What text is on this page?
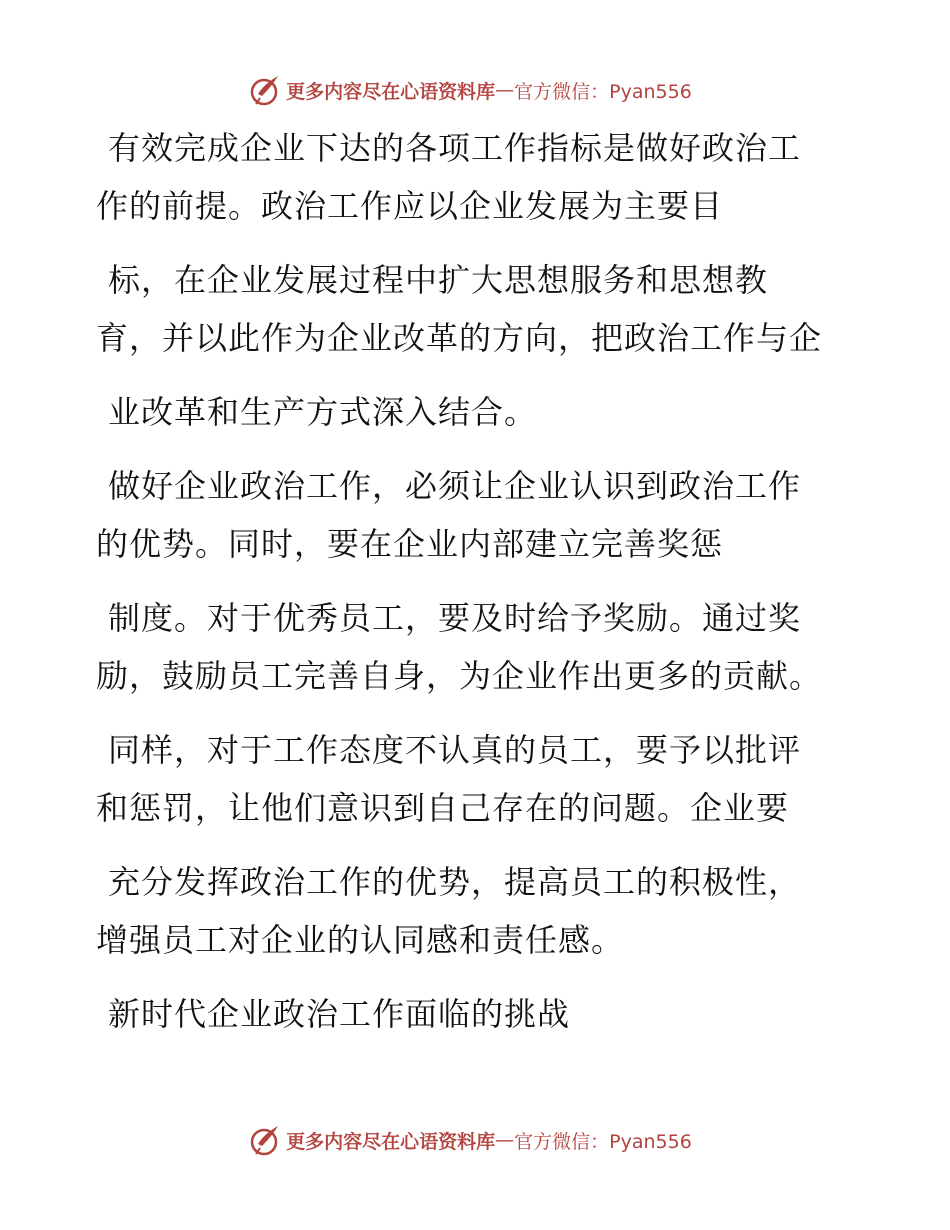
更多内容尽在心语资料库 — 官方微信：Pyan556
有效完成企业下达的各项工作指标是做好政治工
作的前提。政治工作应以企业发展为主要目
标，在企业发展过程中扩大思想服务和思想教
育，并以此作为企业改革的方向，把政治工作与企
业改革和生产方式深入结合。
做好企业政治工作，必须让企业认识到政治工作
的优势。同时，要在企业内部建立完善奖惩
制度。对于优秀员工，要及时给予奖励。通过奖
励，鼓励员工完善自身，为企业作出更多的贡献。
同样，对于工作态度不认真的员工，要予以批评
和惩罚，让他们意识到自己存在的问题。企业要
充分发挥政治工作的优势，提高员工的积极性，
增强员工对企业的认同感和责任感。
新时代企业政治工作面临的挑战
更多内容尽在心语资料库 — 官方微信：Pyan556
